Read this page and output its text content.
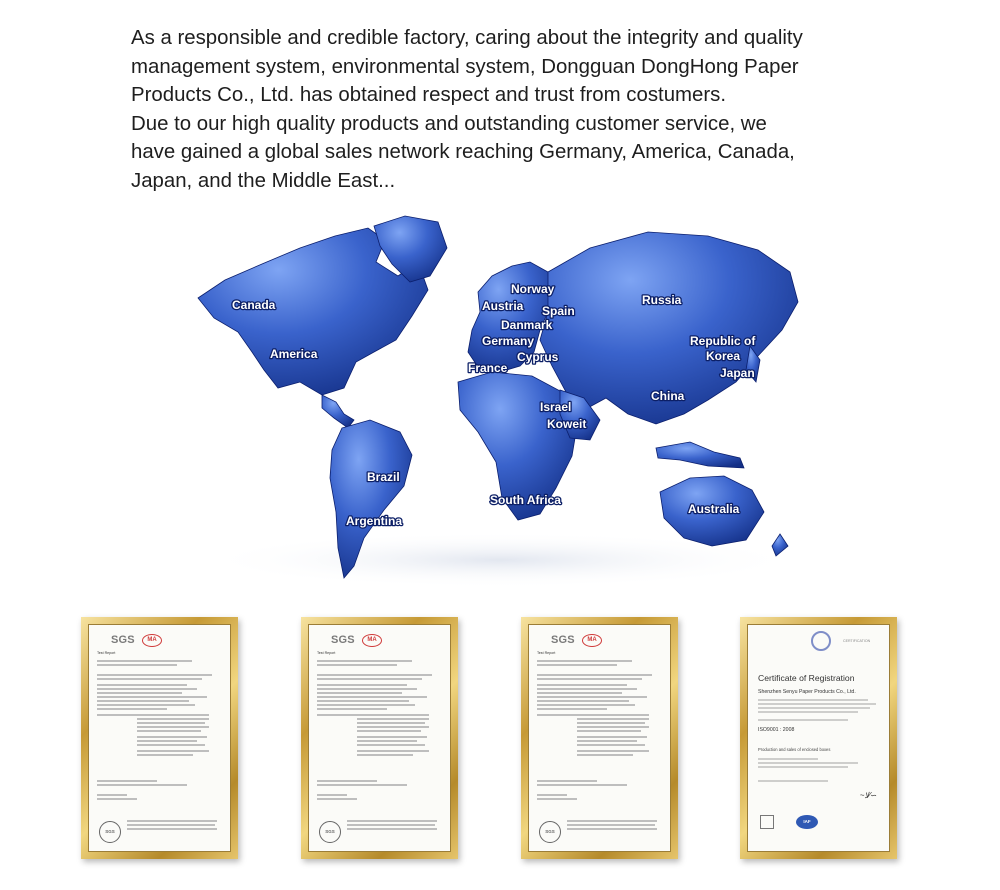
As a responsible and credible factory, caring about the integrity and quality
management system, environmental system, Dongguan DongHong Paper
Products Co., Ltd. has obtained respect and trust from costumers.
Due to our high quality products and outstanding customer service, we
have gained a global sales network reaching Germany, America, Canada,
Japan, and the Middle East...

Canada
America
Brazil
Argentina
Norway
Austria Spain
Danmark
Germany
Cyprus
France
Israel
Koweit
South Africa
Russia
Republic of
Korea
Japan
China
Australia
SGS	MA
Test Report
SGS
SGS	MA
Test Report
SGS
SGS	MA
Test Report
SGS
CERTIFICATION
Certificate of Registration
Shenzhen Senyu Paper Products Co., Ltd.
ISO9001 : 2008
Production and sales of enclosed boxes
~ﻻ⁄∽
IAF
